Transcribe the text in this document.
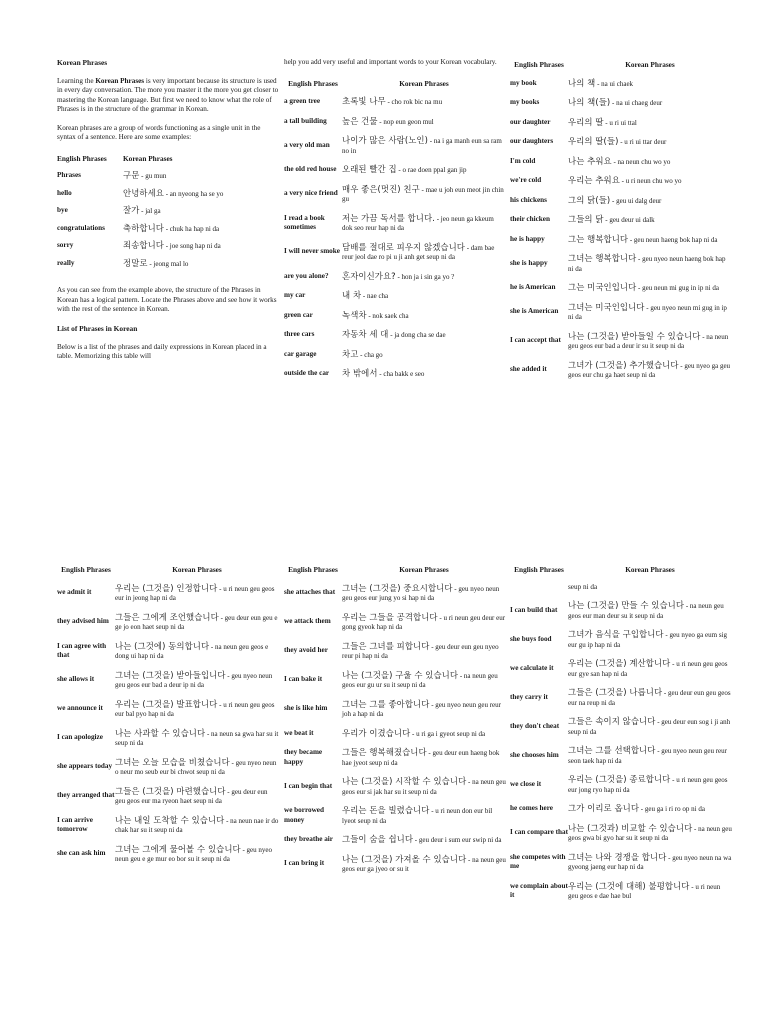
Korean Phrases

Learning the Korean Phrases is very important because its structure is used in every day conversation. The more you master it the more you get closer to mastering the Korean language. But first we need to know what the role of Phrases is in the structure of the grammar in Korean.

Korean phrases are a group of words functioning as a single unit in the syntax of a sentence. Here are some examples:

English Phrases	Korean Phrases
Phrases	구문 - gu mun
hello	안녕하세요 - an nyeong ha se yo
bye	잘가 - jal ga
congratulations	축하합니다 - chuk ha hap ni da
sorry	죄송합니다 - joe song hap ni da
really	정말로 - jeong mal lo

As you can see from the example above, the structure of the Phrases in Korean has a logical pattern. Locate the Phrases above and see how it works with the rest of the sentence in Korean.

List of Phrases in Korean

Below is a list of the phrases and daily expressions in Korean placed in a table. Memorizing this table will

help you add very useful and important words to your Korean vocabulary.

English Phrases	Korean Phrases
a green tree	초록빛 나무 - cho rok bic na mu
a tall building	높은 건물 - nop eun geon mul
a very old man	나이가 많은 사람(노인) - na i ga manh eun sa ram no in
the old red house	오래된 빨간 집 - o rae doen ppal gan jip
a very nice friend	매우 좋은(멋진) 친구 - mae u joh eun meot jin chin gu
I read a book sometimes	저는 가끔 독서를 합니다. - jeo neun ga kkeum dok seo reur hap ni da
I will never smoke	담배를 절대로 피우지 않겠습니다 - dam bae reur jeol dae ro pi u ji anh get seup ni da
are you alone?	혼자이신가요? - hon ja i sin ga yo ?
my car	내 차 - nae cha
green car	녹색차 - nok saek cha
three cars	자동차 세 대 - ja dong cha se dae
car garage	차고 - cha go
outside the car	차 밖에서 - cha bakk e seo
English Phrases	Korean Phrases
my book	나의 책 - na ui chaek
my books	나의 책(들) - na ui chaeg deur
our daughter	우리의 딸 - u ri ui ttal
our daughters	우리의 딸(들) - u ri ui ttar deur
I'm cold	나는 추워요 - na neun chu wo yo
we're cold	우리는 추워요 - u ri neun chu wo yo
his chickens	그의 닭(들) - geu ui dalg deur
their chicken	그들의 닭 - geu deur ui dalk
he is happy	그는 행복합니다 - geu neun haeng bok hap ni da
she is happy	그녀는 행복합니다 - geu nyeo neun haeng bok hap ni da
he is American	그는 미국인입니다 - geu neun mi gug in ip ni da
she is American	그녀는 미국인입니다 - geu nyeo neun mi gug in ip ni da
I can accept that	나는 (그것을) 받아들일 수 있습니다 - na neun geu geos eur bad a deur ir su it seup ni da
she added it	그녀가 (그것을) 추가했습니다 - geu nyeo ga geu geos eur chu ga haet seup ni da
English Phrases	Korean Phrases
we admit it	우리는 (그것을) 인정합니다 - u ri neun geu geos eur in jeong hap ni da
they advised him	그들은 그에게 조언했습니다 - geu deur eun geu e ge jo eon haet seup ni da
I can agree with that	나는 (그것에) 동의합니다 - na neun geu geos e dong ui hap ni da
she allows it	그녀는 (그것을) 받아들입니다 - geu nyeo neun geu geos eur bad a deur ip ni da
we announce it	우리는 (그것을) 발표합니다 - u ri neun geu geos eur bal pyo hap ni da
I can apologize	나는 사과할 수 있습니다 - na neun sa gwa har su it seup ni da
she appears today	그녀는 오늘 모습을 비쳤습니다 - geu nyeo neun o neur mo seub eur bi chwot seup ni da
they arranged that	그들은 (그것을) 마련했습니다 - geu deur eun geu geos eur ma ryeon haet seup ni da
I can arrive tomorrow	나는 내일 도착할 수 있습니다 - na neun nae ir do chak har su it seup ni da
she can ask him	그녀는 그에게 물어볼 수 있습니다 - geu nyeo neun geu e ge mur eo bor su it seup ni da
English Phrases	Korean Phrases
she attaches that	그녀는 (그것을) 중요시합니다 - geu nyeo neun geu geos eur jung yo si hap ni da
we attack them	우리는 그들을 공격합니다 - u ri neun geu deur eur gong gyeok hap ni da
they avoid her	그들은 그녀를 피합니다 - geu deur eun geu nyeo reur pi hap ni da
I can bake it	나는 (그것을) 구울 수 있습니다 - na neun geu geos eur gu ur su it seup ni da
she is like him	그녀는 그를 좋아합니다 - geu nyeo neun geu reur joh a hap ni da
we beat it	우리가 이겼습니다 - u ri ga i gyeot seup ni da
they became happy	그들은 행복해졌습니다 - geu deur eun haeng bok hae jyeot seup ni da
I can begin that	나는 (그것을) 시작할 수 있습니다 - na neun geu geos eur si jak har su it seup ni da
we borrowed money	우리는 돈을 빌렸습니다 - u ri neun don eur bil lyeot seup ni da
they breathe air	그들이 숨을 쉽니다 - geu deur i sum eur swip ni da
I can bring it	나는 (그것을) 가져올 수 있습니다 - na neun geu geos eur ga jyeo or su it
English Phrases	Korean Phrases
	seup ni da
I can build that	나는 (그것을) 만들 수 있습니다 - na neun geu geos eur man deur su it seup ni da
she buys food	그녀가 음식을 구입합니다 - geu nyeo ga eum sig eur gu ip hap ni da
we calculate it	우리는 (그것을) 계산합니다 - u ri neun geu geos eur gye san hap ni da
they carry it	그들은 (그것을) 나릅니다 - geu deur eun geu geos eur na reup ni da
they don't cheat	그들은 속이지 않습니다 - geu deur eun sog i ji anh seup ni da
she chooses him	그녀는 그를 선택합니다 - geu nyeo neun geu reur seon taek hap ni da
we close it	우리는 (그것을) 종료합니다 - u ri neun geu geos eur jong ryo hap ni da
he comes here	그가 이리로 옵니다 - geu ga i ri ro op ni da
I can compare that	나는 (그것과) 비교할 수 있습니다 - na neun geu geos gwa bi gyo har su it seup ni da
she competes with me	그녀는 나와 경쟁을 합니다 - geu nyeo neun na wa gyeong jaeng eur hap ni da
we complain about it	우리는 (그것에 대해) 불평합니다 - u ri neun geu geos e dae hae bul
